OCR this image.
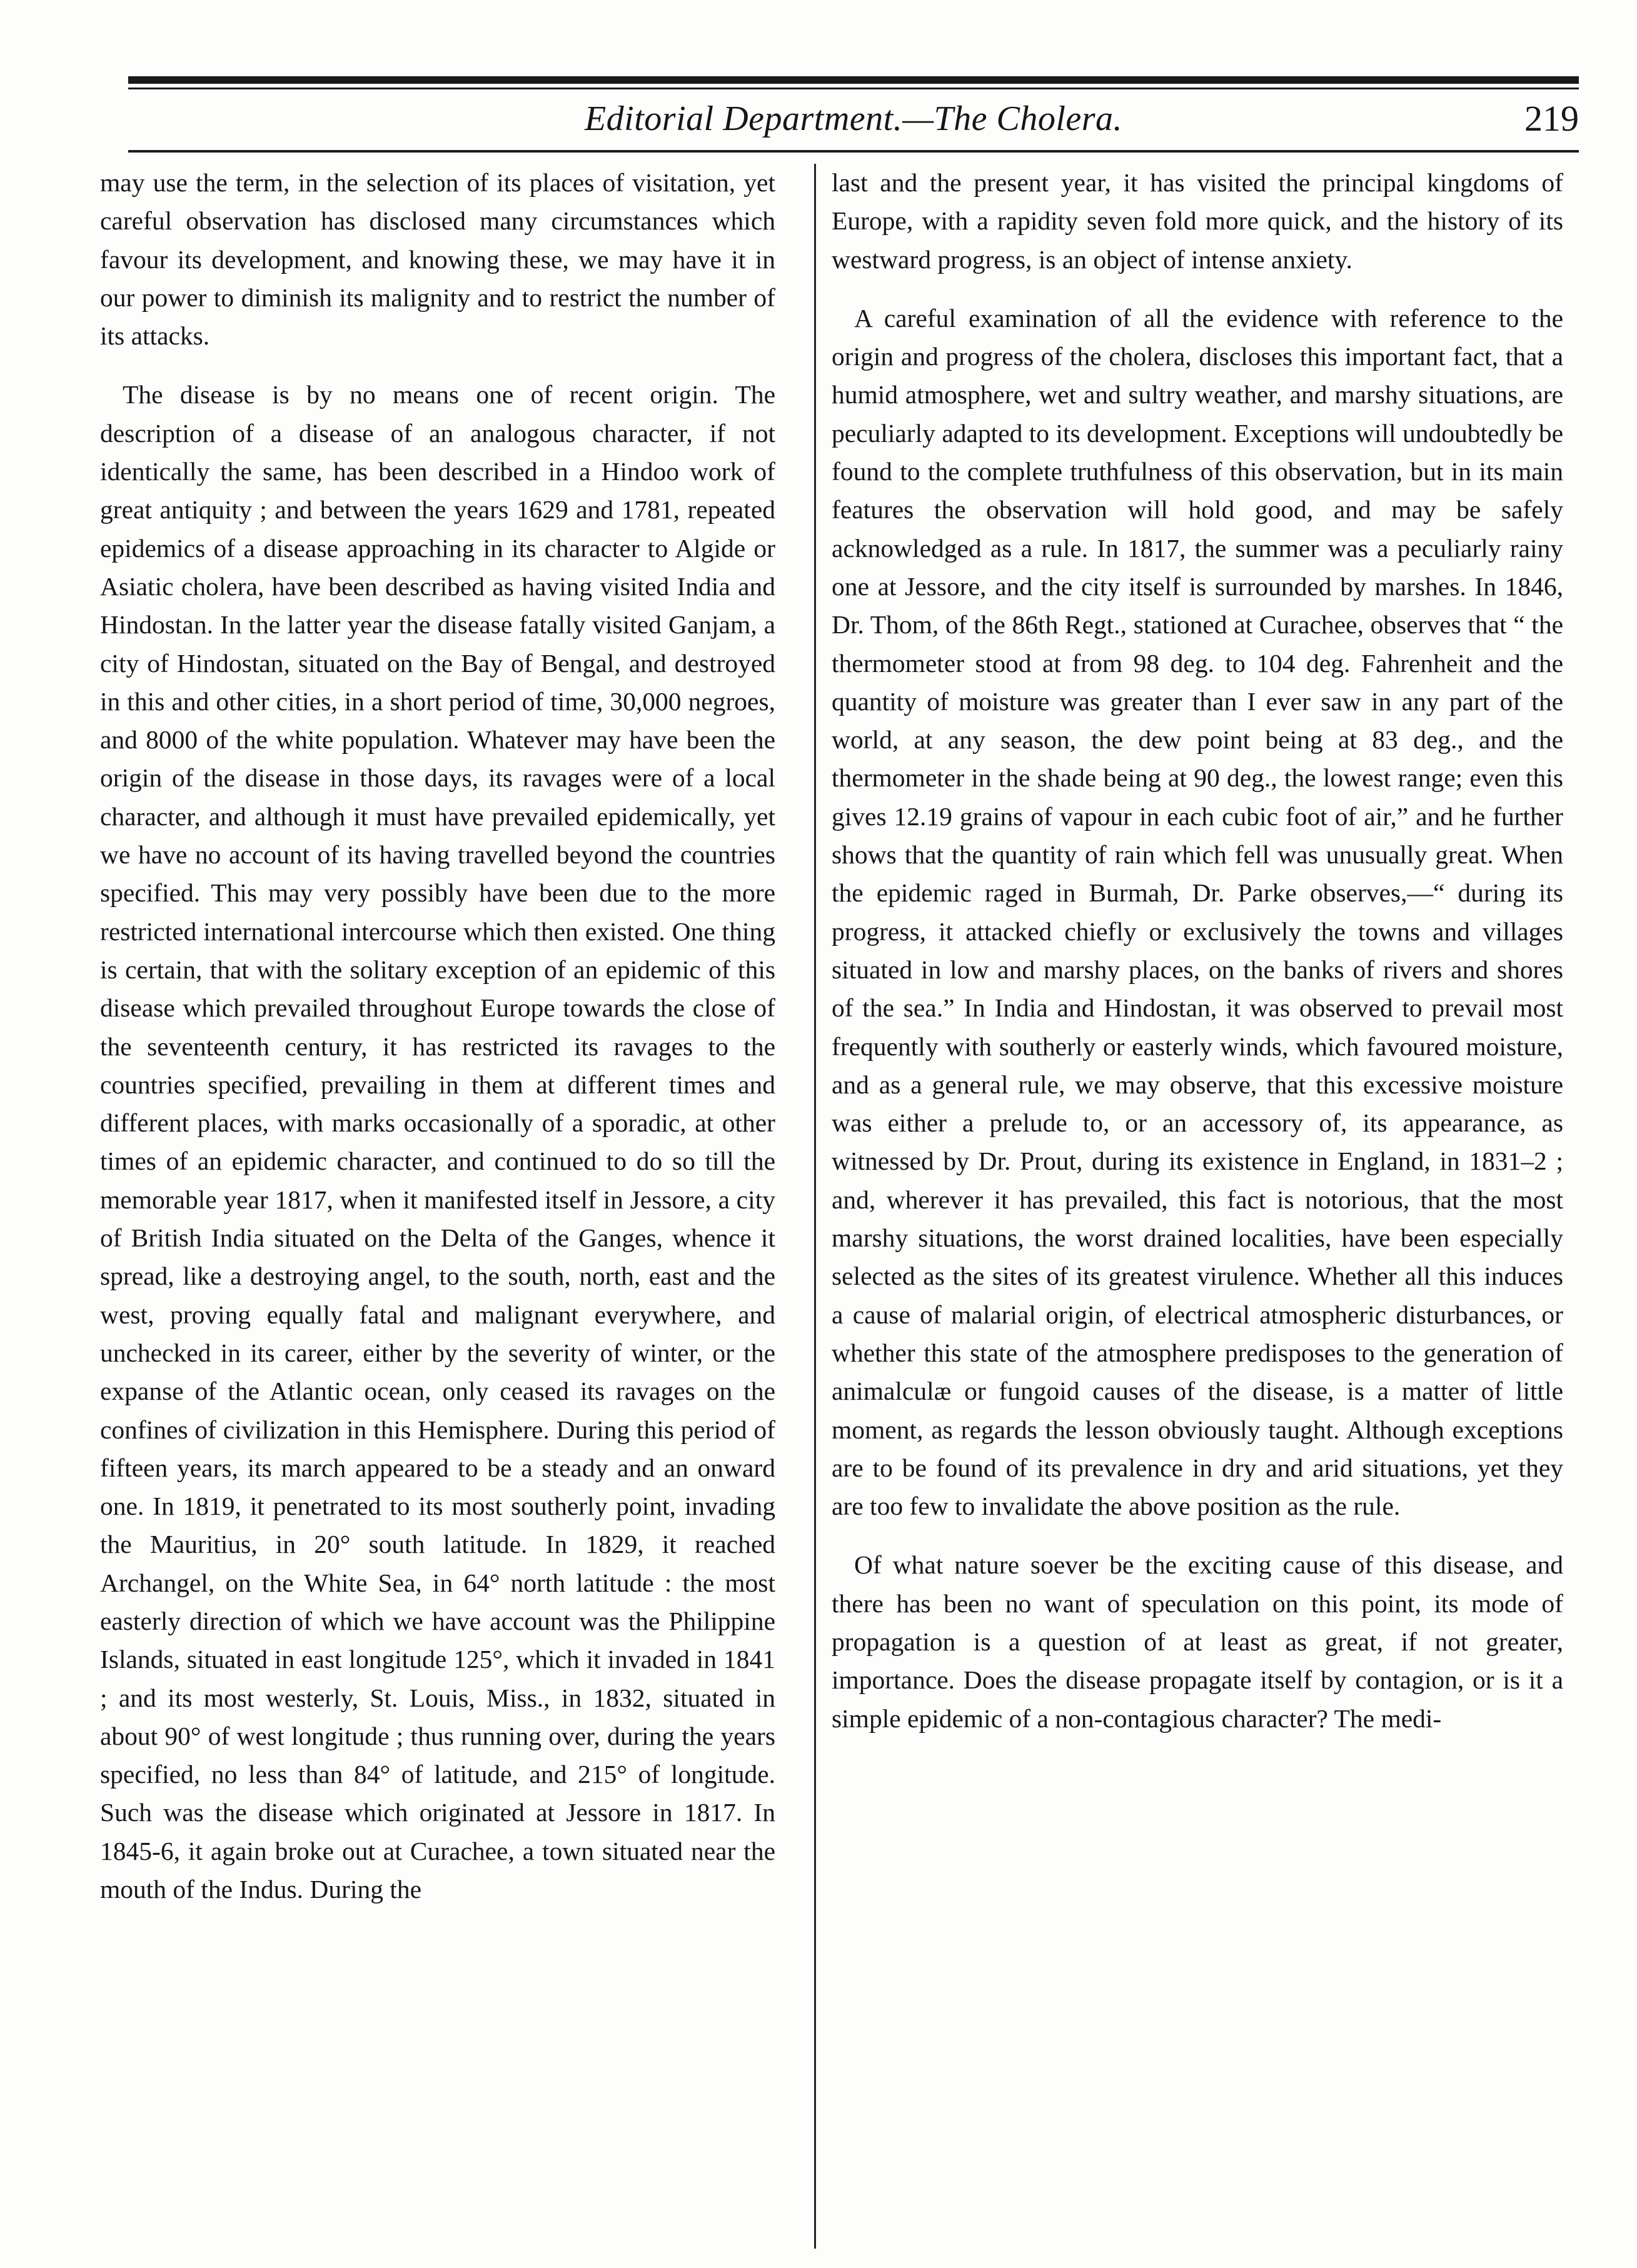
Editorial Department.—The Cholera.	219

may use the term, in the selection of its places of visitation, yet careful observation has disclosed many circumstances which favour its development, and knowing these, we may have it in our power to diminish its malignity and to restrict the number of its attacks.

The disease is by no means one of recent origin. The description of a disease of an analogous character, if not identically the same, has been described in a Hindoo work of great antiquity ; and between the years 1629 and 1781, repeated epidemics of a disease approaching in its character to Algide or Asiatic cholera, have been described as having visited India and Hindostan. In the latter year the disease fatally visited Ganjam, a city of Hindostan, situated on the Bay of Bengal, and destroyed in this and other cities, in a short period of time, 30,000 negroes, and 8000 of the white population. Whatever may have been the origin of the disease in those days, its ravages were of a local character, and although it must have prevailed epidemically, yet we have no account of its having travelled beyond the countries specified. This may very possibly have been due to the more restricted international intercourse which then existed. One thing is certain, that with the solitary exception of an epidemic of this disease which prevailed throughout Europe towards the close of the seventeenth century, it has restricted its ravages to the countries specified, prevailing in them at different times and different places, with marks occasionally of a sporadic, at other times of an epidemic character, and continued to do so till the memorable year 1817, when it manifested itself in Jessore, a city of British India situated on the Delta of the Ganges, whence it spread, like a destroying angel, to the south, north, east and the west, proving equally fatal and malignant everywhere, and unchecked in its career, either by the severity of winter, or the expanse of the Atlantic ocean, only ceased its ravages on the confines of civilization in this Hemisphere. During this period of fifteen years, its march appeared to be a steady and an onward one. In 1819, it penetrated to its most southerly point, invading the Mauritius, in 20° south latitude. In 1829, it reached Archangel, on the White Sea, in 64° north latitude : the most easterly direction of which we have account was the Philippine Islands, situated in east longitude 125°, which it invaded in 1841 ; and its most westerly, St. Louis, Miss., in 1832, situated in about 90° of west longitude ; thus running over, during the years specified, no less than 84° of latitude, and 215° of longitude. Such was the disease which originated at Jessore in 1817. In 1845-6, it again broke out at Curachee, a town situated near the mouth of the Indus. During the

last and the present year, it has visited the principal kingdoms of Europe, with a rapidity seven fold more quick, and the history of its westward progress, is an object of intense anxiety.

A careful examination of all the evidence with reference to the origin and progress of the cholera, discloses this important fact, that a humid atmosphere, wet and sultry weather, and marshy situations, are peculiarly adapted to its development. Exceptions will undoubtedly be found to the complete truthfulness of this observation, but in its main features the observation will hold good, and may be safely acknowledged as a rule. In 1817, the summer was a peculiarly rainy one at Jessore, and the city itself is surrounded by marshes. In 1846, Dr. Thom, of the 86th Regt., stationed at Curachee, observes that “ the thermometer stood at from 98 deg. to 104 deg. Fahrenheit and the quantity of moisture was greater than I ever saw in any part of the world, at any season, the dew point being at 83 deg., and the thermometer in the shade being at 90 deg., the lowest range; even this gives 12.19 grains of vapour in each cubic foot of air,” and he further shows that the quantity of rain which fell was unusually great. When the epidemic raged in Burmah, Dr. Parke observes,—“ during its progress, it attacked chiefly or exclusively the towns and villages situated in low and marshy places, on the banks of rivers and shores of the sea.” In India and Hindostan, it was observed to prevail most frequently with southerly or easterly winds, which favoured moisture, and as a general rule, we may observe, that this excessive moisture was either a prelude to, or an accessory of, its appearance, as witnessed by Dr. Prout, during its existence in England, in 1831–2 ; and, wherever it has prevailed, this fact is notorious, that the most marshy situations, the worst drained localities, have been especially selected as the sites of its greatest virulence. Whether all this induces a cause of malarial origin, of electrical atmospheric disturbances, or whether this state of the atmosphere predisposes to the generation of animalculæ or fungoid causes of the disease, is a matter of little moment, as regards the lesson obviously taught. Although exceptions are to be found of its prevalence in dry and arid situations, yet they are too few to invalidate the above position as the rule.

Of what nature soever be the exciting cause of this disease, and there has been no want of speculation on this point, its mode of propagation is a question of at least as great, if not greater, importance. Does the disease propagate itself by contagion, or is it a simple epidemic of a non-contagious character? The medi-
